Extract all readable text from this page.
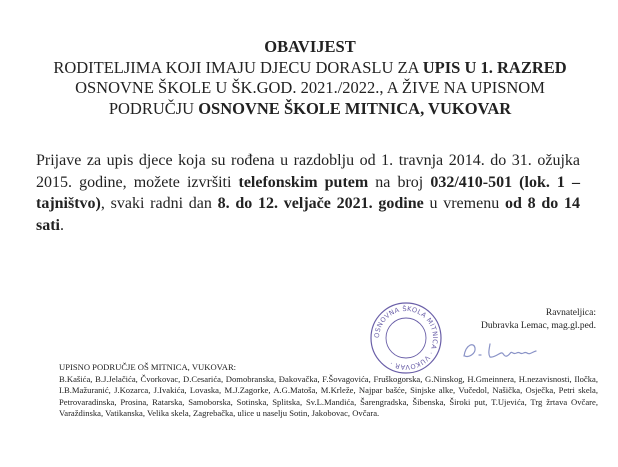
OBAVIJEST
RODITELJIMA KOJI IMAJU DJECU DORASLU ZA UPIS U 1. RAZRED OSNOVNE ŠKOLE U ŠK.GOD. 2021./2022., A ŽIVE NA UPISNOM PODRUČJU OSNOVNE ŠKOLE MITNICA, VUKOVAR
Prijave za upis djece koja su rođena u razdoblju od 1. travnja 2014. do 31. ožujka 2015. godine, možete izvršiti telefonskim putem na broj 032/410-501 (lok. 1 – tajništvo), svaki radni dan 8. do 12. veljače 2021. godine u vremenu od 8 do 14 sati.
OSNOVNA ŠKOLA MITNICA · VUKOVAR ·
Ravnateljica:
Dubravka Lemac, mag.gl.ped.
UPISNO PODRUČJE OŠ MITNICA, VUKOVAR:
B.Kašića, B.J.Jelačića, Čvorkovac, D.Cesarića, Domobranska, Đakovačka, F.Šovagovića, Fruškogorska, G.Ninskog, H.Gmeinnera, H.nezavisnosti, Iločka, I.B.Mažuranić, J.Kozarca, J.Ivakića, Lovaska, M.J.Zagorke, A.G.Matoša, M.Krleže, Najpar bašće, Sinjske alke, Vučedol, Našička, Osječka, Petri skela, Petrovaradinska, Prosina, Ratarska, Samoborska, Sotinska, Splitska, Sv.L.Mandića, Šarengradska, Šibenska, Široki put, T.Ujevića, Trg žrtava Ovčare, Varaždinska, Vatikanska, Velika skela, Zagrebačka, ulice u naselju Sotin, Jakobovac, Ovčara.
